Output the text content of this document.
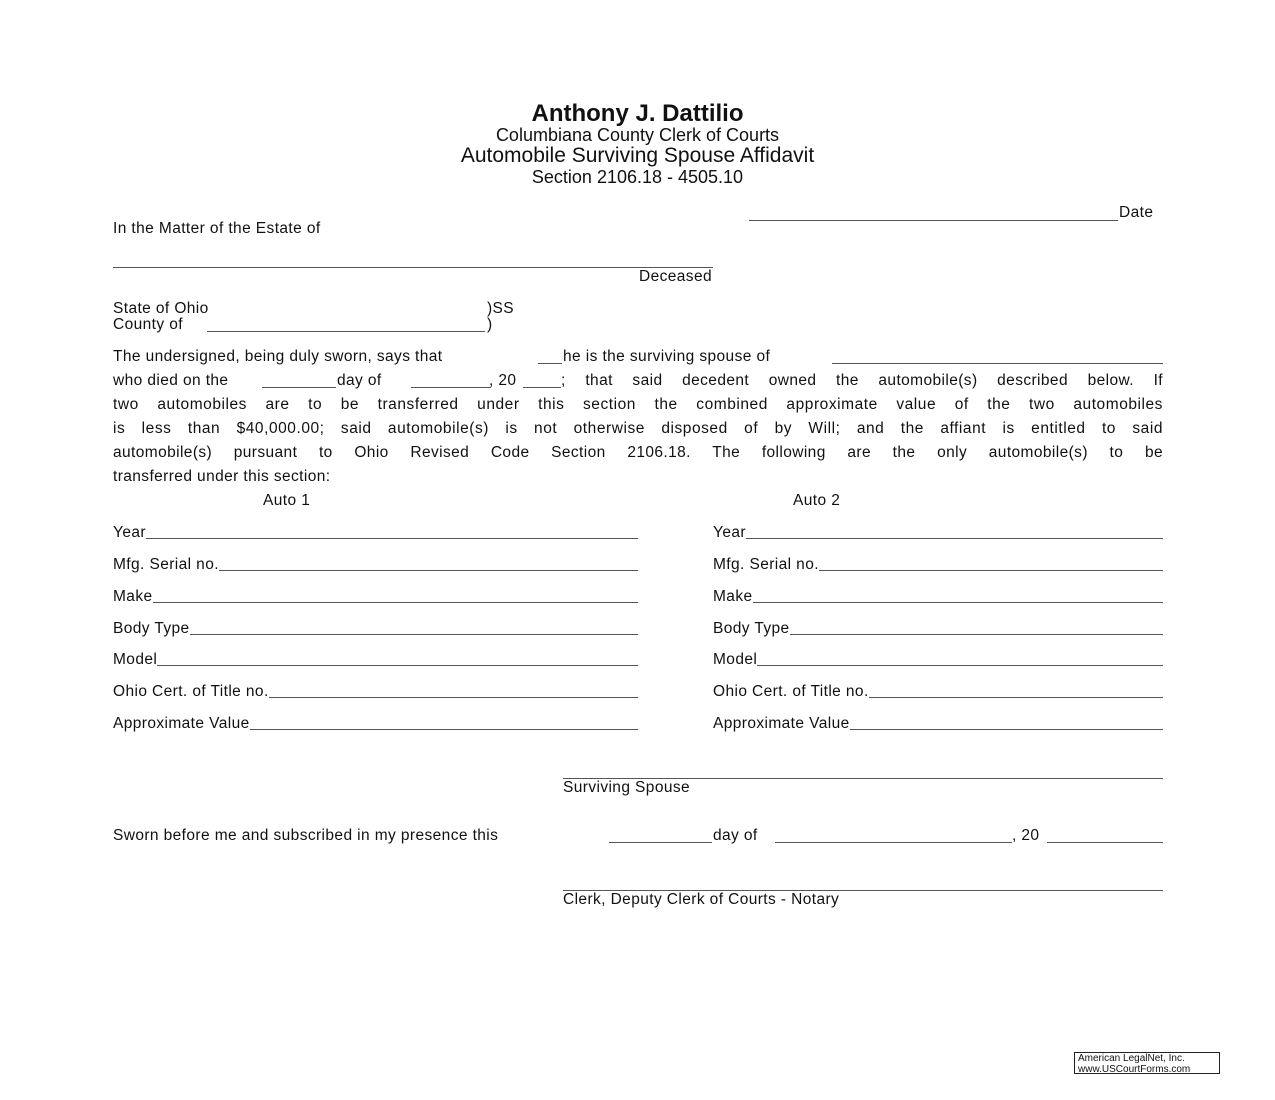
Anthony J. Dattilio
Columbiana County Clerk of Courts
Automobile Surviving Spouse Affidavit
Section 2106.18 - 4505.10
Date
In the Matter of the Estate of
Deceased
State of Ohio	)SS
County of	)
The undersigned, being duly sworn, says that	he is the surviving spouse of
who died on the	day of	, 20	; that said decedent owned the automobile(s) described below. If
two automobiles are to be transferred under this section the combined approximate value of the two automobiles
is less than $40,000.00; said automobile(s) is not otherwise disposed of by Will; and the affiant is entitled to said
automobile(s) pursuant to Ohio Revised Code Section 2106.18. The following are the only automobile(s) to be
transferred under this section:
Auto 1
Year
Mfg. Serial no.
Make
Body Type
Model
Ohio Cert. of Title no.
Approximate Value
Auto 2
Year
Mfg. Serial no.
Make
Body Type
Model
Ohio Cert. of Title no.
Approximate Value
Surviving Spouse
Sworn before me and subscribed in my presence this	day of	, 20
Clerk, Deputy Clerk of Courts - Notary
American LegalNet, Inc.
www.USCourtForms.com
